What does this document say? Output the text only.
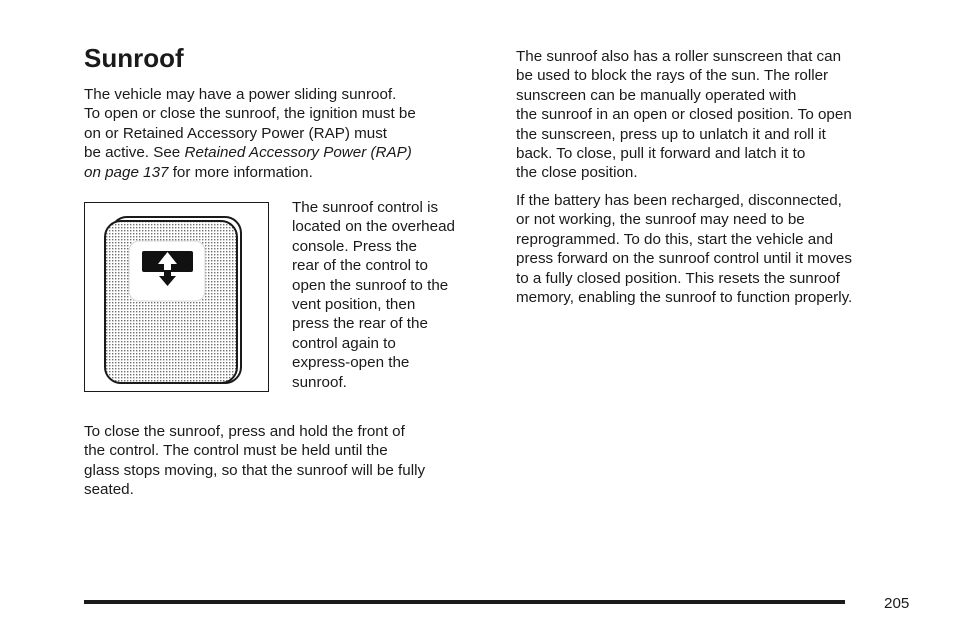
Sunroof

The vehicle may have a power sliding sunroof.
To open or close the sunroof, the ignition must be
on or Retained Accessory Power (RAP) must
be active. See Retained Accessory Power (RAP)
on page 137 for more information.

The sunroof control is
located on the overhead
console. Press the
rear of the control to
open the sunroof to the
vent position, then
press the rear of the
control again to
express-open the
sunroof.

To close the sunroof, press and hold the front of
the control. The control must be held until the
glass stops moving, so that the sunroof will be fully
seated.

The sunroof also has a roller sunscreen that can
be used to block the rays of the sun. The roller
sunscreen can be manually operated with
the sunroof in an open or closed position. To open
the sunscreen, press up to unlatch it and roll it
back. To close, pull it forward and latch it to
the close position.

If the battery has been recharged, disconnected,
or not working, the sunroof may need to be
reprogrammed. To do this, start the vehicle and
press forward on the sunroof control until it moves
to a fully closed position. This resets the sunroof
memory, enabling the sunroof to function properly.

205
